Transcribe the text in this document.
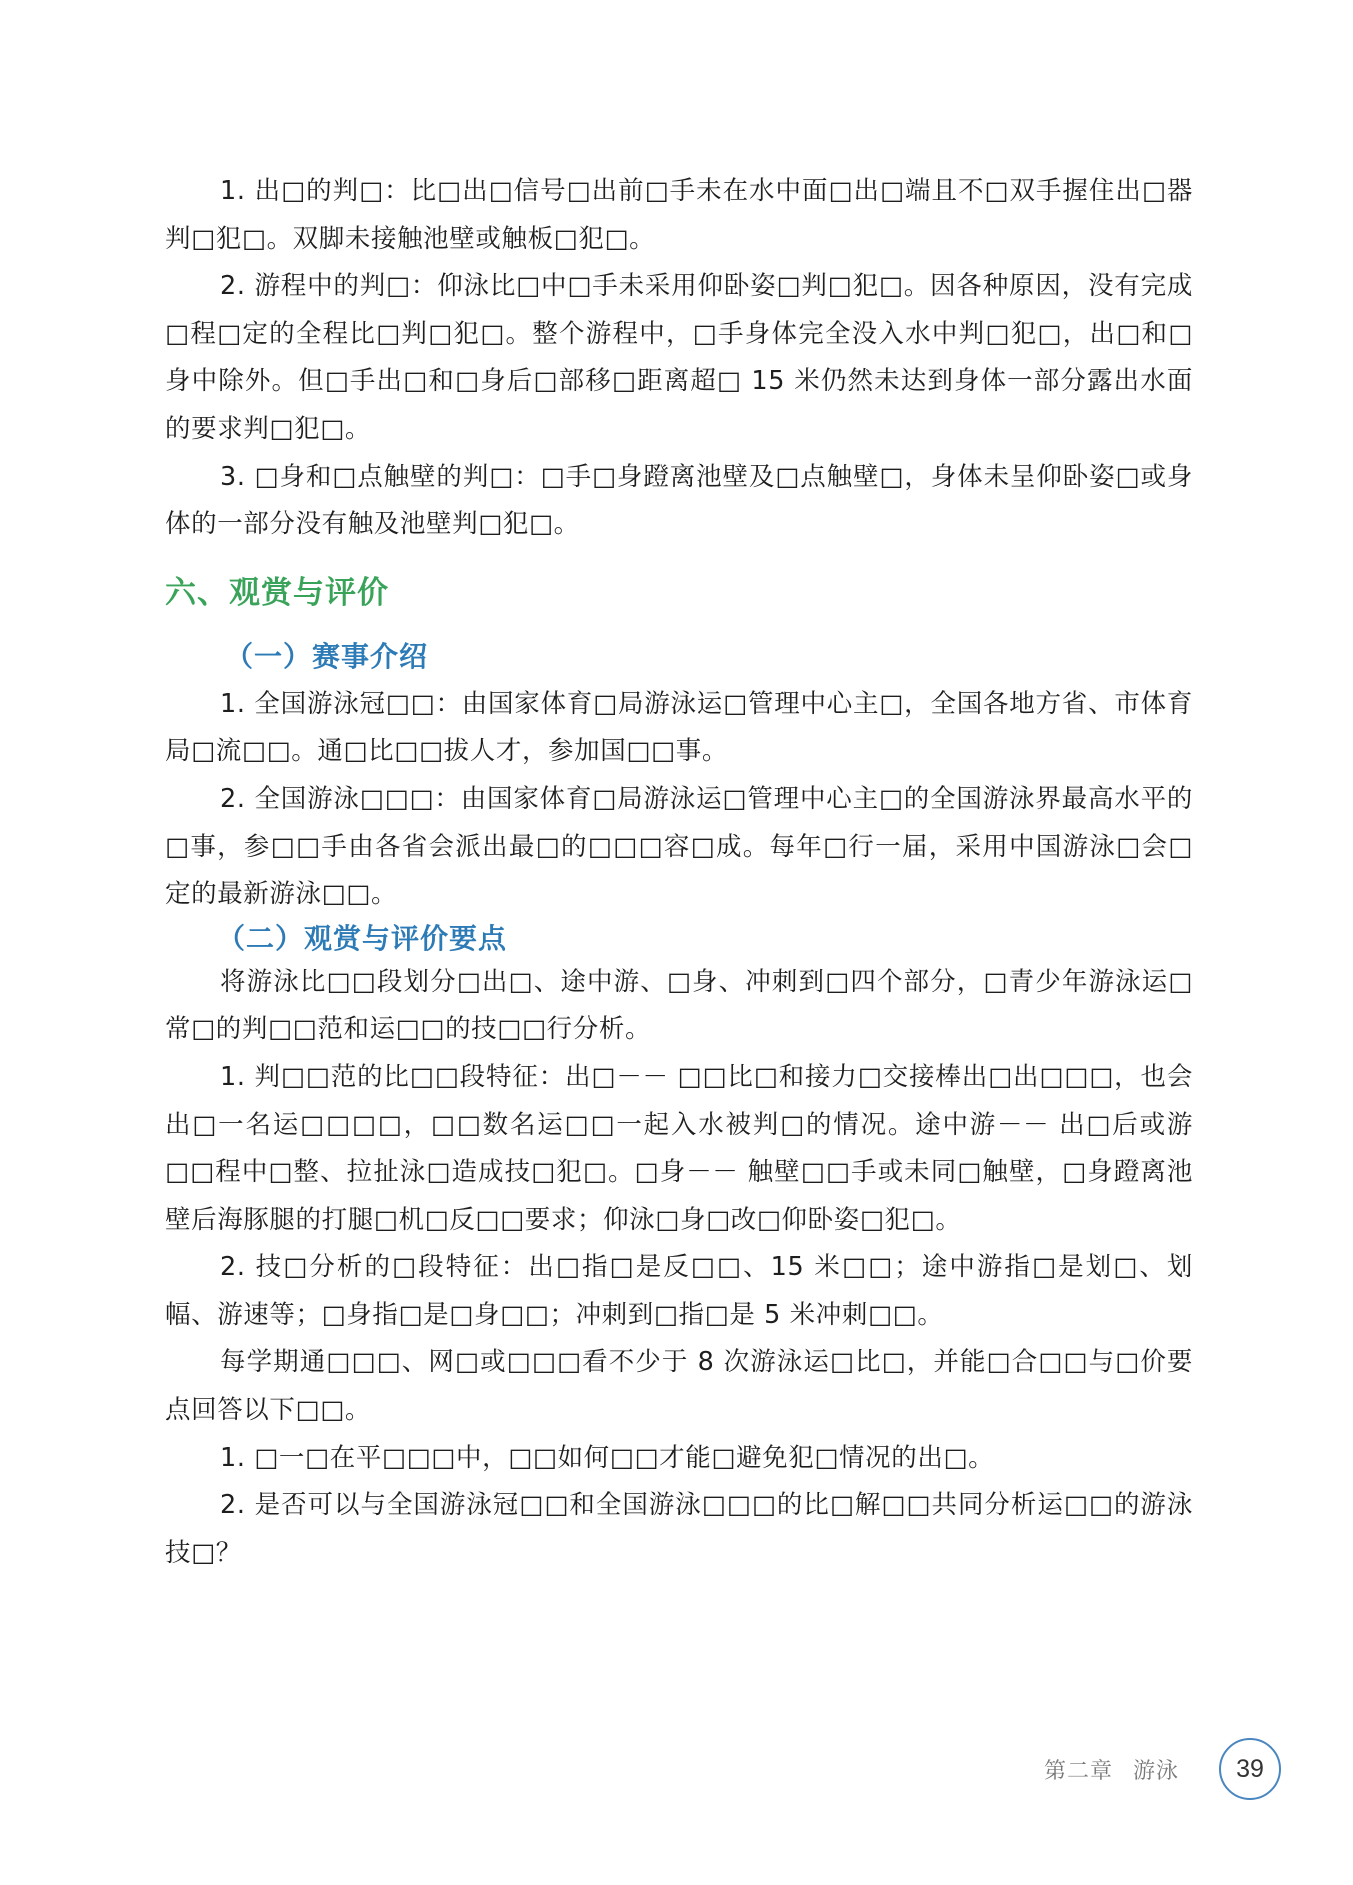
1. 出□的判□：比□出□信号□出前□手未在水中面□出□端且不□双手握住出□器判□犯□。双脚未接触池壁或触板□犯□。

2. 游程中的判□：仰泳比□中□手未采用仰卧姿□判□犯□。因各种原因，没有完成□程□定的全程比□判□犯□。整个游程中，□手身体完全没入水中判□犯□，出□和□身中除外。但□手出□和□身后□部移□距离超□ 15 米仍然未达到身体一部分露出水面的要求判□犯□。

3. □身和□点触壁的判□：□手□身蹬离池壁及□点触壁□，身体未呈仰卧姿□或身体的一部分没有触及池壁判□犯□。

六、观赏与评价
（一）赛事介绍

1. 全国游泳冠□□：由国家体育□局游泳运□管理中心主□，全国各地方省、市体育局□流□□。通□比□□拔人才，参加国□□事。

2. 全国游泳□□□：由国家体育□局游泳运□管理中心主□的全国游泳界最高水平的□事，参□□手由各省会派出最□的□□□容□成。每年□行一届，采用中国游泳□会□定的最新游泳□□。

（二）观赏与评价要点

将游泳比□□段划分□出□、途中游、□身、冲刺到□四个部分，□青少年游泳运□常□的判□□范和运□□的技□□行分析。

1. 判□□范的比□□段特征：出□－－ □□比□和接力□交接棒出□出□□□，也会出□一名运□□□□，□□数名运□□一起入水被判□的情况。途中游－－ 出□后或游□□程中□整、拉扯泳□造成技□犯□。□身－－ 触壁□□手或未同□触壁，□身蹬离池壁后海豚腿的打腿□机□反□□要求；仰泳□身□改□仰卧姿□犯□。

2. 技□分析的□段特征：出□指□是反□□、15 米□□；途中游指□是划□、划幅、游速等；□身指□是□身□□；冲刺到□指□是 5 米冲刺□□。

每学期通□□□、网□或□□□看不少于 8 次游泳运□比□，并能□合□□与□价要点回答以下□□。

1. □一□在平□□□中，□□如何□□才能□避免犯□情况的出□。

2. 是否可以与全国游泳冠□□和全国游泳□□□的比□解□□共同分析运□□的游泳技□？

第二章 游泳 39
